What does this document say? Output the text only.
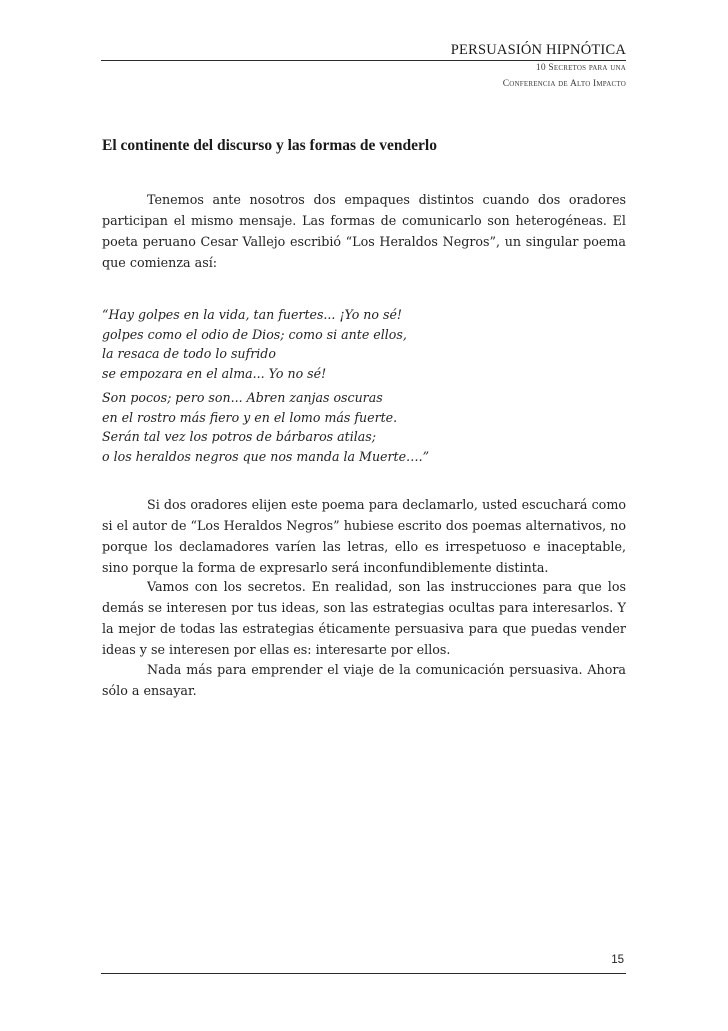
PERSUASIÓN HIPNÓTICA
10 Secretos para una
Conferencia de Alto Impacto
El continente del discurso y las formas de venderlo
Tenemos ante nosotros dos empaques distintos cuando dos oradores participan el mismo mensaje. Las formas de comunicarlo son heterogéneas. El poeta peruano Cesar Vallejo escribió “Los Heraldos Negros”, un singular poema que comienza así:
“Hay golpes en la vida, tan fuertes... ¡Yo no sé!
golpes como el odio de Dios; como si ante ellos,
la resaca de todo lo sufrido
se empozara en el alma... Yo no sé!
Son pocos; pero son... Abren zanjas oscuras
en el rostro más fiero y en el lomo más fuerte.
Serán tal vez los potros de bárbaros atilas;
o los heraldos negros que nos manda la Muerte….”
Si dos oradores elijen este poema para declamarlo, usted escuchará como si el autor de “Los Heraldos Negros” hubiese escrito dos poemas alternativos, no porque los declamadores varíen las letras, ello es irrespetuoso e inaceptable, sino porque la forma de expresarlo será inconfundiblemente distinta.
Vamos con los secretos. En realidad, son las instrucciones para que los demás se interesen por tus ideas, son las estrategias ocultas para interesarlos. Y la mejor de todas las estrategias éticamente persuasiva para que puedas vender ideas y se interesen por ellas es: interesarte por ellos.
Nada más para emprender el viaje de la comunicación persuasiva. Ahora sólo a ensayar.
15
